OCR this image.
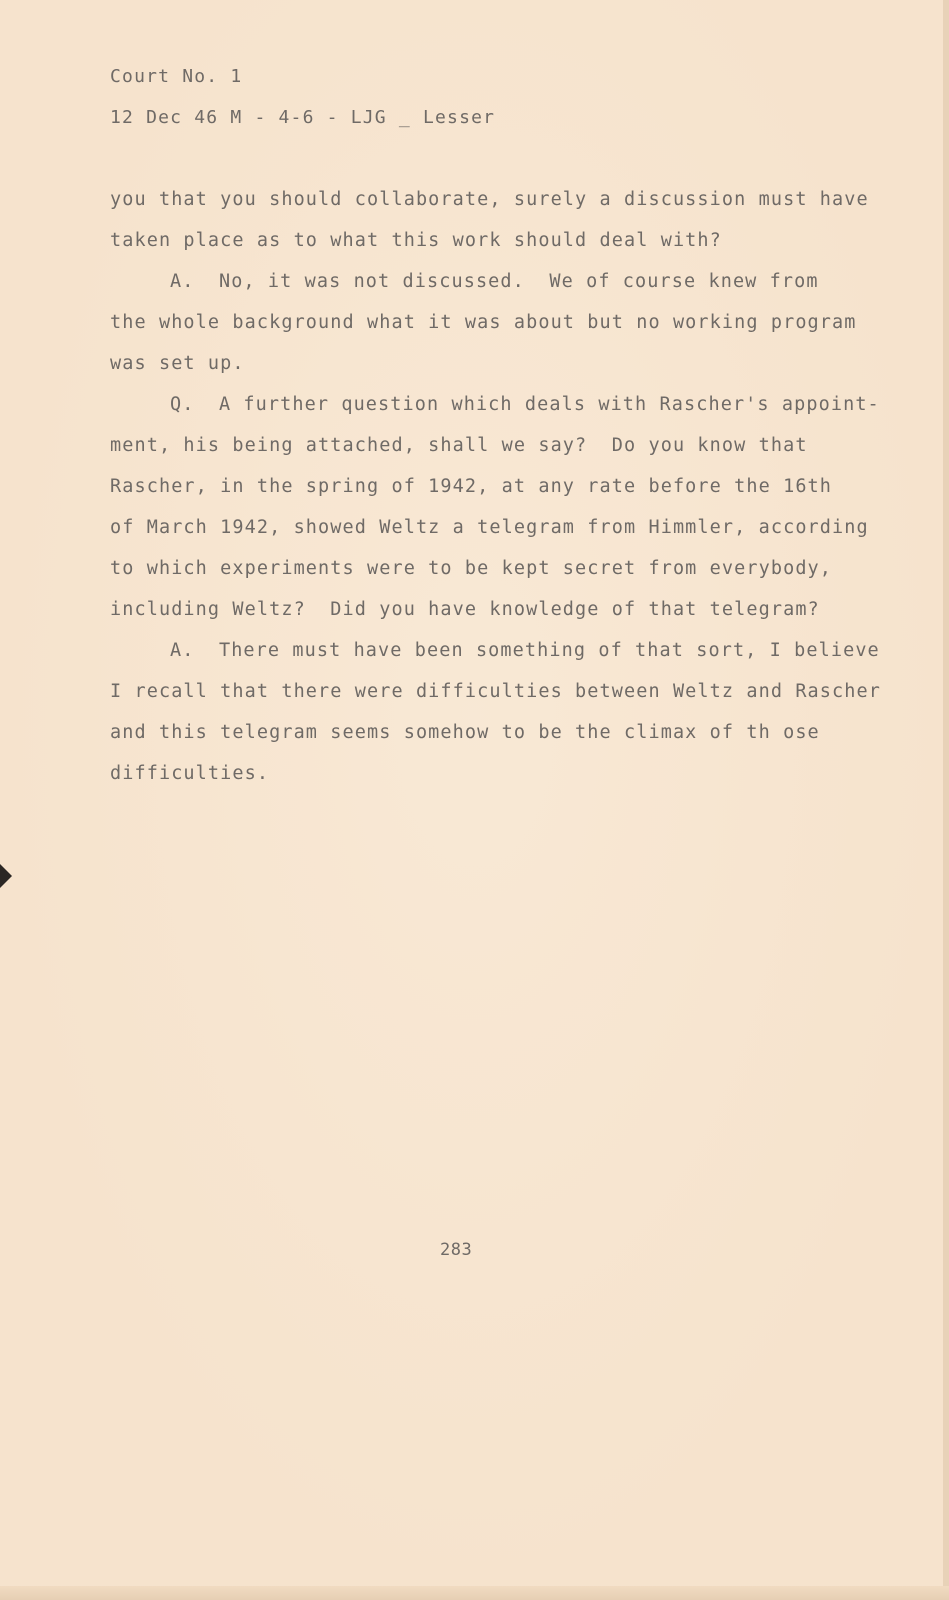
Court No. 1
12 Dec 46 M - 4-6 - LJG _ Lesser
you that you should collaborate, surely a discussion must have
taken place as to what this work should deal with?
A.  No, it was not discussed.  We of course knew from
the whole background what it was about but no working program
was set up.
Q.  A further question which deals with Rascher's appoint-
ment, his being attached, shall we say?  Do you know that
Rascher, in the spring of 1942, at any rate before the 16th
of March 1942, showed Weltz a telegram from Himmler, according
to which experiments were to be kept secret from everybody,
including Weltz?  Did you have knowledge of that telegram?
A.  There must have been something of that sort, I believe
I recall that there were difficulties between Weltz and Rascher
and this telegram seems somehow to be the climax of th ose
difficulties.
283
